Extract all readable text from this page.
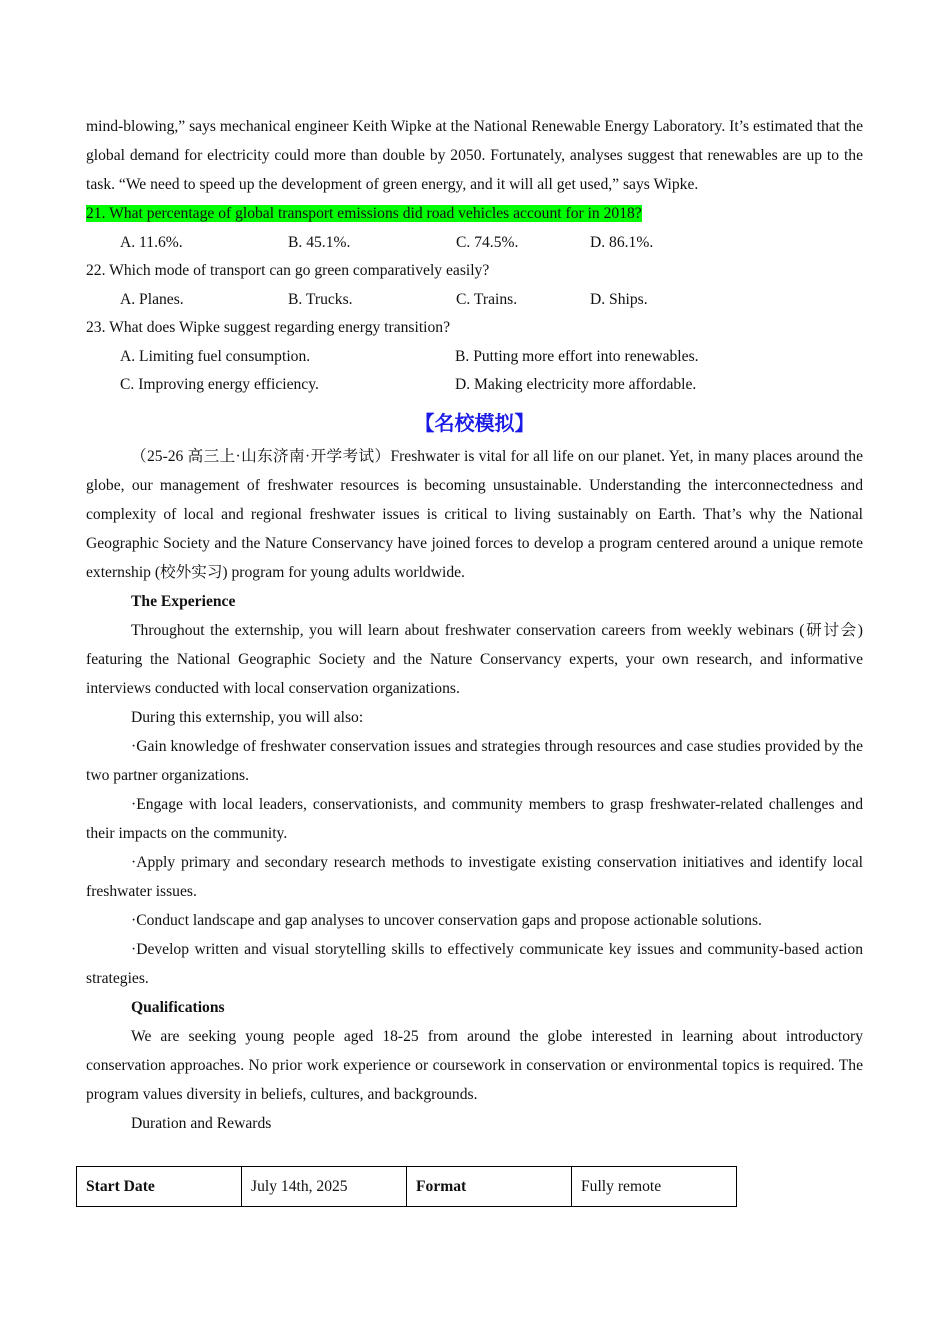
mind-blowing,” says mechanical engineer Keith Wipke at the National Renewable Energy Laboratory. It’s estimated that the global demand for electricity could more than double by 2050. Fortunately, analyses suggest that renewables are up to the task. “We need to speed up the development of green energy, and it will all get used,” says Wipke.

21. What percentage of global transport emissions did road vehicles account for in 2018?

A. 11.6%.	B. 45.1%.	C. 74.5%.	D. 86.1%.

22. Which mode of transport can go green comparatively easily?

A. Planes.	B. Trucks.	C. Trains.	D. Ships.

23. What does Wipke suggest regarding energy transition?

A. Limiting fuel consumption.	B. Putting more effort into renewables.
C. Improving energy efficiency.	D. Making electricity more affordable.
【名校模拟】

（25-26 高三上·山东济南·开学考试）Freshwater is vital for all life on our planet. Yet, in many places around the globe, our management of freshwater resources is becoming unsustainable. Understanding the interconnectedness and complexity of local and regional freshwater issues is critical to living sustainably on Earth. That’s why the National Geographic Society and the Nature Conservancy have joined forces to develop a program centered around a unique remote externship (校外实习) program for young adults worldwide.

The Experience

Throughout the externship, you will learn about freshwater conservation careers from weekly webinars (研讨会) featuring the National Geographic Society and the Nature Conservancy experts, your own research, and informative interviews conducted with local conservation organizations.

During this externship, you will also:

·Gain knowledge of freshwater conservation issues and strategies through resources and case studies provided by the two partner organizations.

·Engage with local leaders, conservationists, and community members to grasp freshwater-related challenges and their impacts on the community.

·Apply primary and secondary research methods to investigate existing conservation initiatives and identify local freshwater issues.

·Conduct landscape and gap analyses to uncover conservation gaps and propose actionable solutions.

·Develop written and visual storytelling skills to effectively communicate key issues and community-based action strategies.

Qualifications

We are seeking young people aged 18-25 from around the globe interested in learning about introductory conservation approaches. No prior work experience or coursework in conservation or environmental topics is required. The program values diversity in beliefs, cultures, and backgrounds.

Duration and Rewards

Start Date	July 14th, 2025	Format	Fully remote
